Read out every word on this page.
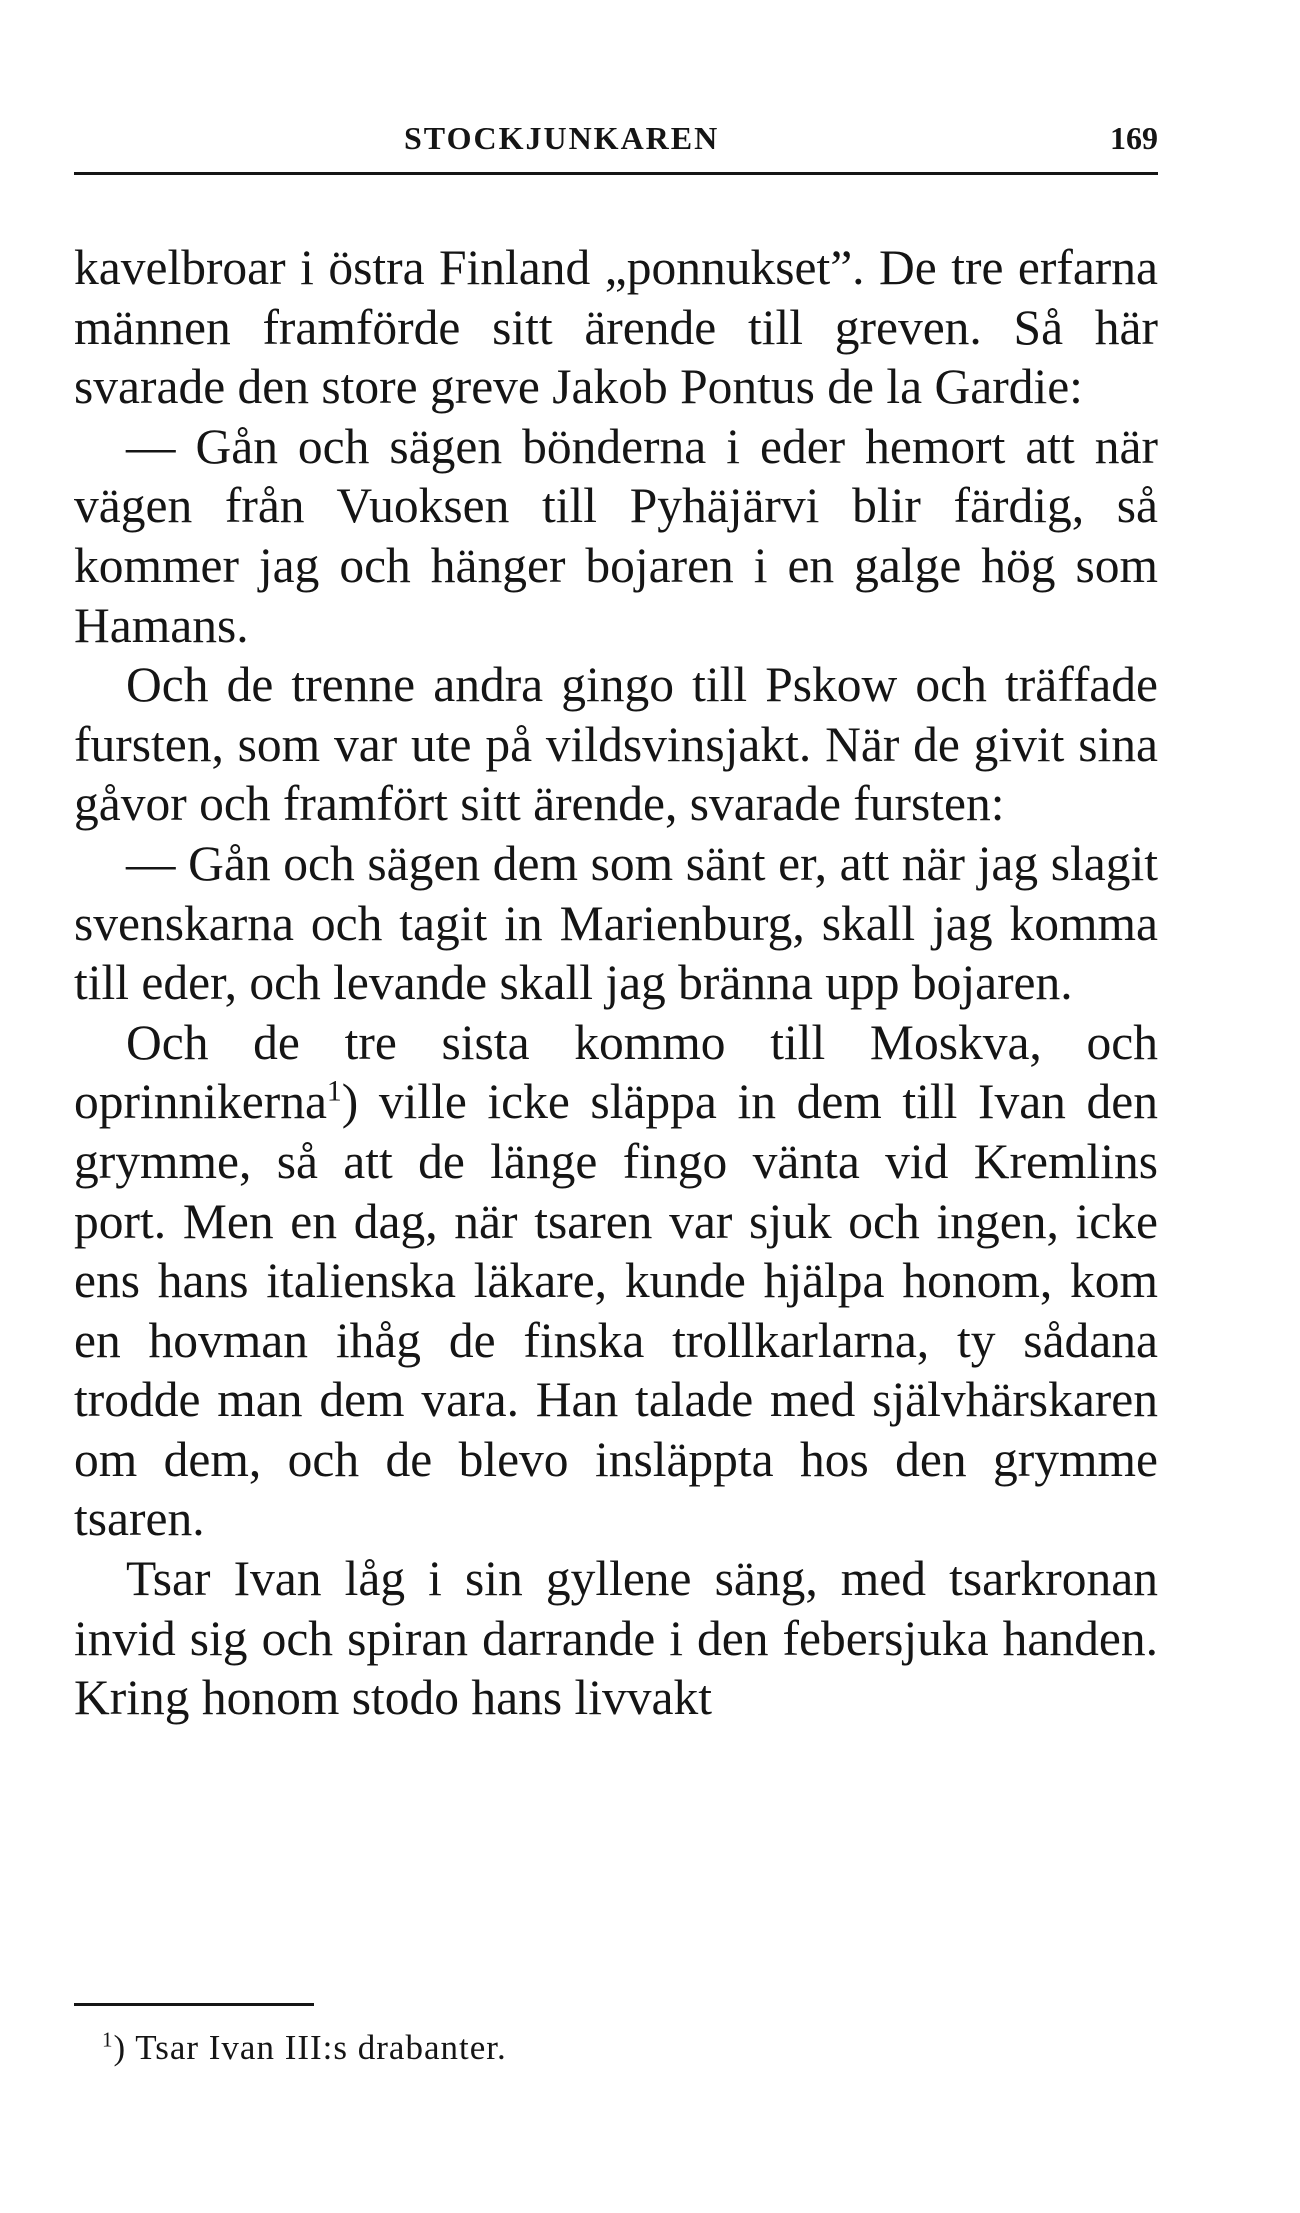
STOCKJUNKAREN	169

kavelbroar i östra Finland „ponnukset”. De tre erfarna männen framförde sitt ärende till greven. Så här svarade den store greve Jakob Pontus de la Gardie:

— Gån och sägen bönderna i eder hemort att när vägen från Vuoksen till Pyhäjärvi blir färdig, så kommer jag och hänger bojaren i en galge hög som Hamans.

Och de trenne andra gingo till Pskow och träffade fursten, som var ute på vildsvinsjakt. När de givit sina gåvor och framfört sitt ärende, svarade fursten:

— Gån och sägen dem som sänt er, att när jag slagit svenskarna och tagit in Marienburg, skall jag komma till eder, och levande skall jag bränna upp bojaren.

Och de tre sista kommo till Moskva, och oprinnikerna$^1$) ville icke släppa in dem till Ivan den grymme, så att de länge fingo vänta vid Kremlins port. Men en dag, när tsaren var sjuk och ingen, icke ens hans italienska läkare, kunde hjälpa honom, kom en hovman ihåg de finska trollkarlarna, ty sådana trodde man dem vara. Han talade med självhärskaren om dem, och de blevo insläppta hos den grymme tsaren.

Tsar Ivan låg i sin gyllene säng, med tsarkronan invid sig och spiran darrande i den febersjuka handen. Kring honom stodo hans livvakt

$^1$) Tsar Ivan III:s drabanter.
